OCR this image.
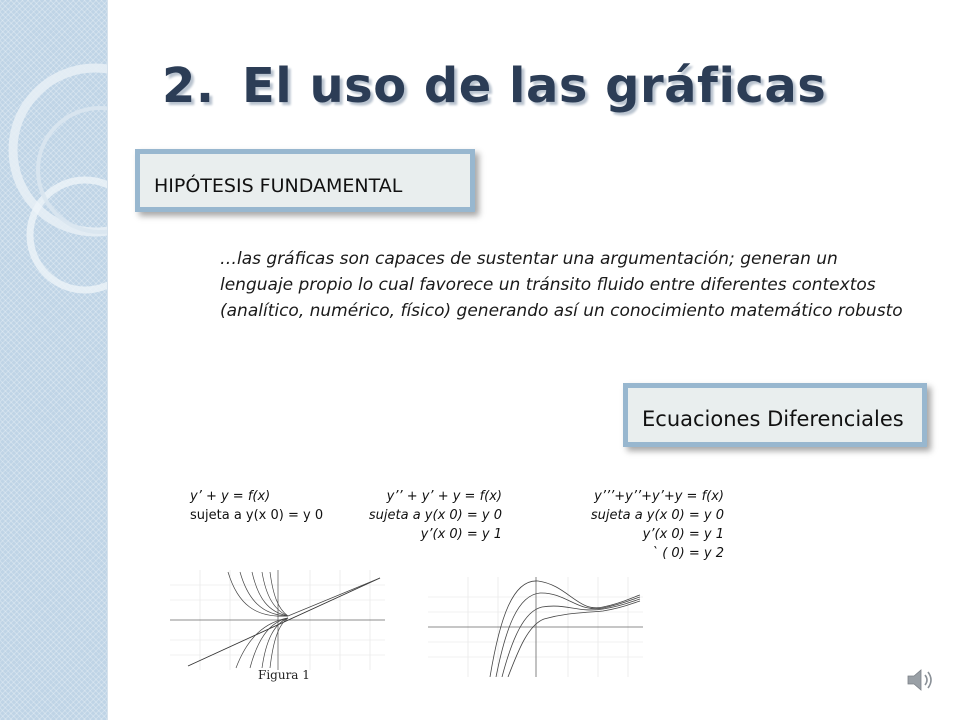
2. El uso de las gráficas
HIPÓTESIS FUNDAMENTAL

…las gráficas son capaces de sustentar una argumentación; generan un

lenguaje propio lo cual favorece un tránsito fluido entre diferentes contextos

(analítico, numérico, físico) generando así un conocimiento matemático robusto

Ecuaciones Diferenciales
y’ + y = f(x)
sujeta a y(x 0) = y 0
y’’ + y’ + y = f(x)
sujeta a y(x 0) = y 0
y’(x 0) = y 1
y’’’+y’’+y’+y = f(x)
sujeta a y(x 0) = y 0
y’(x 0) = y 1
` ( 0) = y 2
Figura 1
